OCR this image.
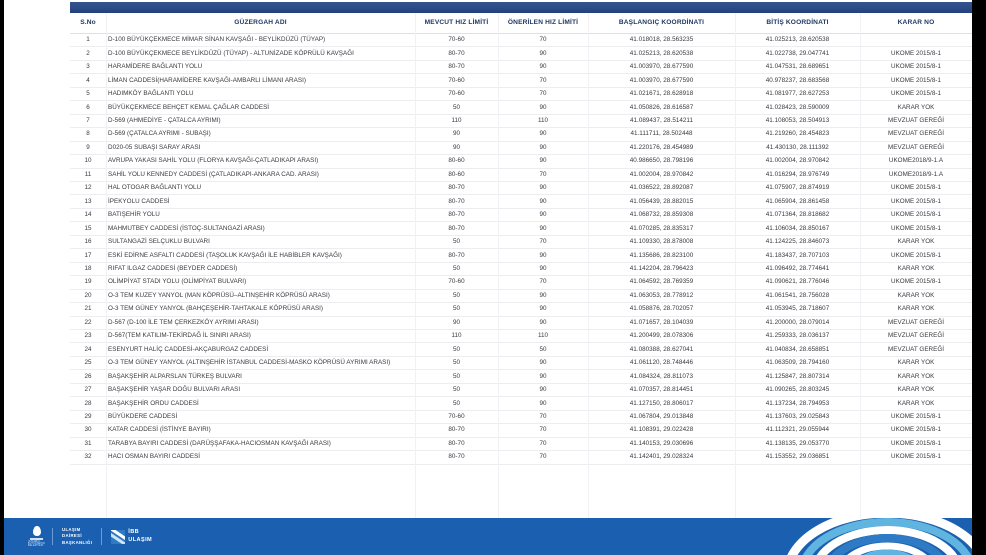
S.No	GÜZERGAH ADI	MEVCUT HIZ LİMİTİ	ÖNERİLEN HIZ LİMİTİ	BAŞLANGIÇ KOORDİNATI	BİTİŞ KOORDİNATI	KARAR NO
1	D-100 BÜYÜKÇEKMECE MİMAR SİNAN KAVŞAĞI - BEYLİKDÜZÜ (TÜYAP)	70-60	70	41.018018, 28.563235	41.025213, 28.620538	
2	D-100 BÜYÜKÇEKMECE BEYLİKDÜZÜ (TÜYAP) - ALTUNİZADE KÖPRÜLÜ KAVŞAĞI	80-70	90	41.025213, 28.620538	41.022738, 29.047741	UKOME 2015/8-1
3	HARAMİDERE BAĞLANTI YOLU	80-70	90	41.003970, 28.677590	41.047531, 28.689651	UKOME 2015/8-1
4	LİMAN CADDESİ(HARAMİDERE KAVŞAĞI-AMBARLI LİMANI ARASI)	70-60	70	41.003970, 28.677590	40.978237, 28.683568	UKOME 2015/8-1
5	HADIMKÖY BAĞLANTI YOLU	70-60	70	41.021671, 28.628918	41.081977, 28.627253	UKOME 2015/8-1
6	BÜYÜKÇEKMECE BEHÇET KEMAL ÇAĞLAR CADDESİ	50	90	41.050826, 28.616587	41.028423, 28.590009	KARAR YOK
7	D-569 (AHMEDİYE - ÇATALCA AYRIMI)	110	110	41.089437, 28.514211	41.108053, 28.504913	MEVZUAT GEREĞİ
8	D-569 (ÇATALCA AYRIMI - SUBAŞI)	90	90	41.111711, 28.502448	41.219260, 28.454823	MEVZUAT GEREĞİ
9	D020-05 SUBAŞI SARAY ARASI	90	90	41.220176, 28.454989	41.430130, 28.111392	MEVZUAT GEREĞİ
10	AVRUPA YAKASI SAHİL YOLU (FLORYA KAVŞAĞI-ÇATLADIKAPI ARASI)	80-60	90	40.986650, 28.798196	41.002004, 28.970842	UKOME2018/9-1.A
11	SAHİL YOLU KENNEDY CADDESİ (ÇATLADIKAPI-ANKARA CAD. ARASI)	80-60	70	41.002004, 28.970842	41.016294, 28.976749	UKOME2018/9-1.A
12	HAL OTOGAR BAĞLANTI YOLU	80-70	90	41.036522, 28.892087	41.075907, 28.874919	UKOME 2015/8-1
13	İPEKYOLU CADDESİ	80-70	90	41.056439, 28.882015	41.065904, 28.861458	UKOME 2015/8-1
14	BATIŞEHİR YOLU	80-70	90	41.068732, 28.859308	41.071364, 28.818682	UKOME 2015/8-1
15	MAHMUTBEY CADDESİ (İSTOÇ-SULTANGAZİ ARASI)	80-70	90	41.070285, 28.835317	41.106034, 28.850167	UKOME 2015/8-1
16	SULTANGAZİ SELÇUKLU BULVARI	50	70	41.109330, 28.878008	41.124225, 28.846073	KARAR YOK
17	ESKİ EDİRNE ASFALTI CADDESİ (TAŞOLUK KAVŞAĞI İLE HABİBLER KAVŞAĞI)	80-70	90	41.135686, 28.823100	41.183437, 28.707103	UKOME 2015/8-1
18	RIFAT ILGAZ CADDESİ (BEYDER CADDESİ)	50	90	41.142204, 28.796423	41.096492, 28.774641	KARAR YOK
19	OLİMPİYAT STADI YOLU (OLİMPİYAT BULVARI)	70-60	70	41.064592, 28.769359	41.090621, 28.776046	UKOME 2015/8-1
20	O-3 TEM KUZEY YANYOL (MAN KÖPRÜSÜ–ALTINŞEHİR KÖPRÜSÜ ARASI)	50	90	41.063053, 28.778912	41.061541, 28.756028	KARAR YOK
21	O-3 TEM GÜNEY YANYOL (BAHÇEŞEHİR-TAHTAKALE KÖPRÜSÜ ARASI)	50	90	41.058876, 28.702057	41.053945, 28.718607	KARAR YOK
22	D-567 (D-100 İLE TEM ÇERKEZKÖY AYRIMI ARASI)	90	90	41.071657, 28.104039	41.200000, 28.079014	MEVZUAT GEREĞİ
23	D-567(TEM KATILIM-TEKİRDAĞ İL SINIRI ARASI)	110	110	41.200499, 28.078306	41.259333, 28.036137	MEVZUAT GEREĞİ
24	ESENYURT HALİÇ CADDESİ-AKÇABURGAZ CADDESİ	50	50	41.080388, 28.627041	41.040834, 28.658851	MEVZUAT GEREĞİ
25	O-3 TEM GÜNEY YANYOL (ALTINŞEHİR İSTANBUL CADDESİ-MASKO KÖPRÜSÜ AYRIMI ARASI)	50	90	41.061120, 28.748446	41.063509, 28.794160	KARAR YOK
26	BAŞAKŞEHİR ALPARSLAN TÜRKEŞ BULVARI	50	90	41.084324, 28.811073	41.125847, 28.807314	KARAR YOK
27	BAŞAKŞEHİR YAŞAR DOĞU BULVARI ARASI	50	90	41.070357, 28.814451	41.090265, 28.803245	KARAR YOK
28	BAŞAKŞEHİR ORDU CADDESİ	50	90	41.127150, 28.806017	41.137234, 28.794953	KARAR YOK
29	BÜYÜKDERE CADDESİ	70-60	70	41.067804, 29.013848	41.137603, 29.025843	UKOME 2015/8-1
30	KATAR CADDESİ (İSTİNYE BAYIRI)	80-70	70	41.108391, 29.022428	41.112321, 29.055944	UKOME 2015/8-1
31	TARABYA BAYIRI CADDESİ (DARÜŞŞAFAKA-HACIOSMAN KAVŞAĞI ARASI)	80-70	70	41.140153, 29.030696	41.138135, 29.053770	UKOME 2015/8-1
32	HACI OSMAN BAYIRI CADDESİ	80-70	70	41.142401, 29.028324	41.153552, 29.036851	UKOME 2015/8-1
İSTANBUL BÜYÜKŞEHİR BELEDİYESİ
ULAŞIM
DAİRESİ
BAŞKANLIĞI
İBB
ULAŞIM
